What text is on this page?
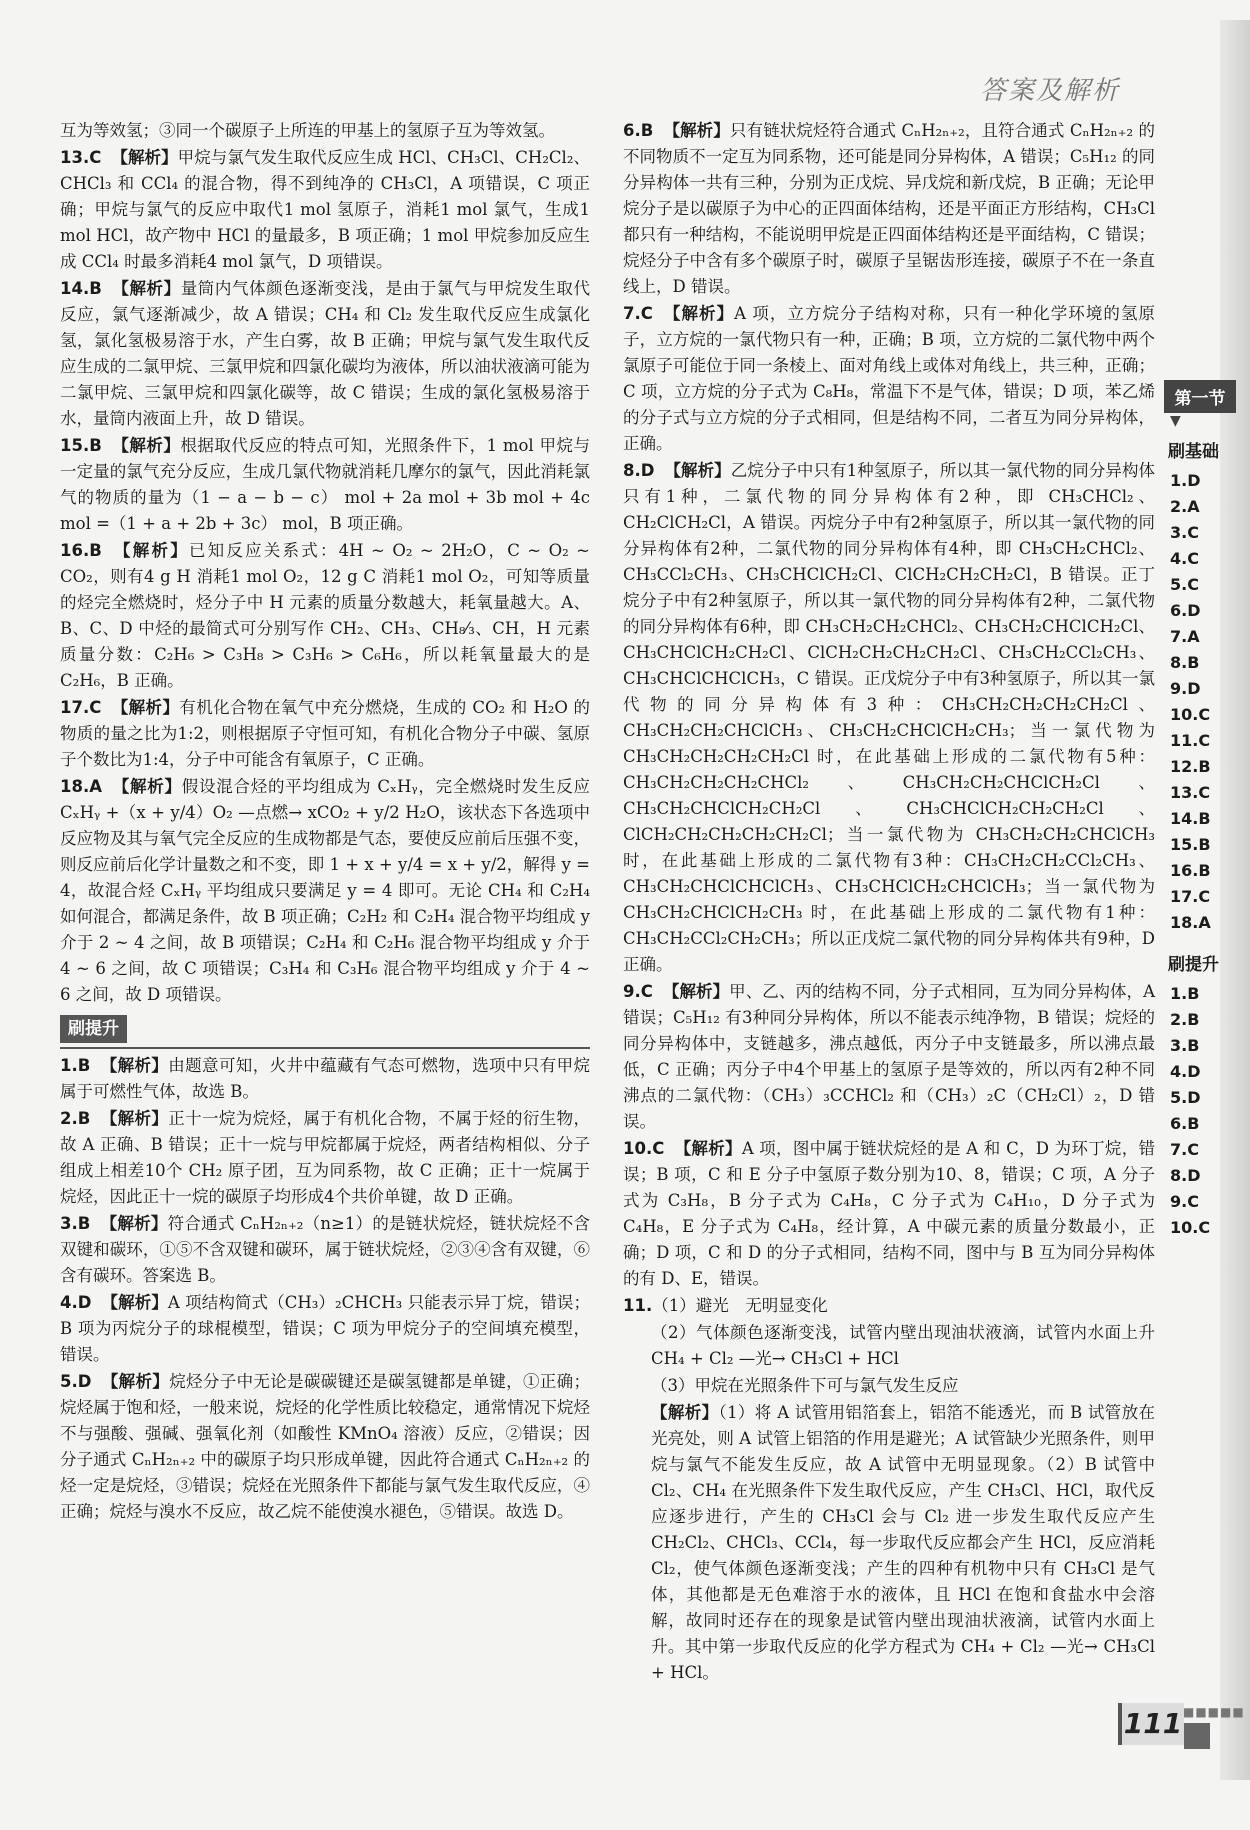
答案及解析
互为等效氢；③同一个碳原子上所连的甲基上的氢原子互为等效氢。
13.C 【解析】甲烷与氯气发生取代反应生成 HCl、CH₃Cl、CH₂Cl₂、CHCl₃ 和 CCl₄ 的混合物，得不到纯净的 CH₃Cl，A 项错误，C 项正确；甲烷与氯气的反应中取代1 mol 氢原子，消耗1 mol 氯气，生成1 mol HCl，故产物中 HCl 的量最多，B 项正确；1 mol 甲烷参加反应生成 CCl₄ 时最多消耗4 mol 氯气，D 项错误。
14.B 【解析】量筒内气体颜色逐渐变浅，是由于氯气与甲烷发生取代反应，氯气逐渐减少，故 A 错误；CH₄ 和 Cl₂ 发生取代反应生成氯化氢，氯化氢极易溶于水，产生白雾，故 B 正确；甲烷与氯气发生取代反应生成的二氯甲烷、三氯甲烷和四氯化碳均为液体，所以油状液滴可能为二氯甲烷、三氯甲烷和四氯化碳等，故 C 错误；生成的氯化氢极易溶于水，量筒内液面上升，故 D 错误。
15.B 【解析】根据取代反应的特点可知，光照条件下，1 mol 甲烷与一定量的氯气充分反应，生成几氯代物就消耗几摩尔的氯气，因此消耗氯气的物质的量为（1 − a − b − c） mol + 2a mol + 3b mol + 4c mol =（1 + a + 2b + 3c） mol，B 项正确。
16.B 【解析】已知反应关系式：4H ~ O₂ ~ 2H₂O，C ~ O₂ ~ CO₂，则有4 g H 消耗1 mol O₂，12 g C 消耗1 mol O₂，可知等质量的烃完全燃烧时，烃分子中 H 元素的质量分数越大，耗氧量越大。A、B、C、D 中烃的最简式可分别写作 CH₂、CH₃、CH₈⁄₃、CH，H 元素质量分数：C₂H₆ > C₃H₈ > C₃H₆ > C₆H₆，所以耗氧量最大的是 C₂H₆，B 正确。
17.C 【解析】有机化合物在氧气中充分燃烧，生成的 CO₂ 和 H₂O 的物质的量之比为1:2，则根据原子守恒可知，有机化合物分子中碳、氢原子个数比为1:4，分子中可能含有氧原子，C 正确。
18.A 【解析】假设混合烃的平均组成为 CₓHᵧ，完全燃烧时发生反应 CₓHᵧ +（x + y/4）O₂ —点燃→ xCO₂ + y/2 H₂O，该状态下各选项中反应物及其与氧气完全反应的生成物都是气态，要使反应前后压强不变，则反应前后化学计量数之和不变，即 1 + x + y/4 = x + y/2，解得 y = 4，故混合烃 CₓHᵧ 平均组成只要满足 y = 4 即可。无论 CH₄ 和 C₂H₄ 如何混合，都满足条件，故 B 项正确；C₂H₂ 和 C₂H₄ 混合物平均组成 y 介于 2 ~ 4 之间，故 B 项错误；C₂H₄ 和 C₂H₆ 混合物平均组成 y 介于 4 ~ 6 之间，故 C 项错误；C₃H₄ 和 C₃H₆ 混合物平均组成 y 介于 4 ~ 6 之间，故 D 项错误。
刷提升
1.B 【解析】由题意可知，火井中蕴藏有气态可燃物，选项中只有甲烷属于可燃性气体，故选 B。
2.B 【解析】正十一烷为烷烃，属于有机化合物，不属于烃的衍生物，故 A 正确、B 错误；正十一烷与甲烷都属于烷烃，两者结构相似、分子组成上相差10个 CH₂ 原子团，互为同系物，故 C 正确；正十一烷属于烷烃，因此正十一烷的碳原子均形成4个共价单键，故 D 正确。
3.B 【解析】符合通式 CₙH₂ₙ₊₂（n≥1）的是链状烷烃，链状烷烃不含双键和碳环，①⑤不含双键和碳环，属于链状烷烃，②③④含有双键，⑥含有碳环。答案选 B。
4.D 【解析】A 项结构简式（CH₃）₂CHCH₃ 只能表示异丁烷，错误；B 项为丙烷分子的球棍模型，错误；C 项为甲烷分子的空间填充模型，错误。
5.D 【解析】烷烃分子中无论是碳碳键还是碳氢键都是单键，①正确；烷烃属于饱和烃，一般来说，烷烃的化学性质比较稳定，通常情况下烷烃不与强酸、强碱、强氧化剂（如酸性 KMnO₄ 溶液）反应，②错误；因分子通式 CₙH₂ₙ₊₂ 中的碳原子均只形成单键，因此符合通式 CₙH₂ₙ₊₂ 的烃一定是烷烃，③错误；烷烃在光照条件下都能与氯气发生取代反应，④正确；烷烃与溴水不反应，故乙烷不能使溴水褪色，⑤错误。故选 D。
6.B 【解析】只有链状烷烃符合通式 CₙH₂ₙ₊₂，且符合通式 CₙH₂ₙ₊₂ 的不同物质不一定互为同系物，还可能是同分异构体，A 错误；C₅H₁₂ 的同分异构体一共有三种，分别为正戊烷、异戊烷和新戊烷，B 正确；无论甲烷分子是以碳原子为中心的正四面体结构，还是平面正方形结构，CH₃Cl 都只有一种结构，不能说明甲烷是正四面体结构还是平面结构，C 错误；烷烃分子中含有多个碳原子时，碳原子呈锯齿形连接，碳原子不在一条直线上，D 错误。
7.C 【解析】A 项，立方烷分子结构对称，只有一种化学环境的氢原子，立方烷的一氯代物只有一种，正确；B 项，立方烷的二氯代物中两个氯原子可能位于同一条棱上、面对角线上或体对角线上，共三种，正确；C 项，立方烷的分子式为 C₈H₈，常温下不是气体，错误；D 项，苯乙烯的分子式与立方烷的分子式相同，但是结构不同，二者互为同分异构体，正确。
8.D 【解析】乙烷分子中只有1种氢原子，所以其一氯代物的同分异构体只有1种，二氯代物的同分异构体有2种，即 CH₃CHCl₂、CH₂ClCH₂Cl，A 错误。丙烷分子中有2种氢原子，所以其一氯代物的同分异构体有2种，二氯代物的同分异构体有4种，即 CH₃CH₂CHCl₂、CH₃CCl₂CH₃、CH₃CHClCH₂Cl、ClCH₂CH₂CH₂Cl，B 错误。正丁烷分子中有2种氢原子，所以其一氯代物的同分异构体有2种，二氯代物的同分异构体有6种，即 CH₃CH₂CH₂CHCl₂、CH₃CH₂CHClCH₂Cl、CH₃CHClCH₂CH₂Cl、ClCH₂CH₂CH₂CH₂Cl、CH₃CH₂CCl₂CH₃、CH₃CHClCHClCH₃，C 错误。正戊烷分子中有3种氢原子，所以其一氯代物的同分异构体有3种：CH₃CH₂CH₂CH₂CH₂Cl、CH₃CH₂CH₂CHClCH₃、CH₃CH₂CHClCH₂CH₃；当一氯代物为 CH₃CH₂CH₂CH₂CH₂Cl 时，在此基础上形成的二氯代物有5种：CH₃CH₂CH₂CH₂CHCl₂、CH₃CH₂CH₂CHClCH₂Cl、CH₃CH₂CHClCH₂CH₂Cl、CH₃CHClCH₂CH₂CH₂Cl、ClCH₂CH₂CH₂CH₂CH₂Cl；当一氯代物为 CH₃CH₂CH₂CHClCH₃ 时，在此基础上形成的二氯代物有3种：CH₃CH₂CH₂CCl₂CH₃、CH₃CH₂CHClCHClCH₃、CH₃CHClCH₂CHClCH₃；当一氯代物为 CH₃CH₂CHClCH₂CH₃ 时，在此基础上形成的二氯代物有1种：CH₃CH₂CCl₂CH₂CH₃；所以正戊烷二氯代物的同分异构体共有9种，D 正确。
9.C 【解析】甲、乙、丙的结构不同，分子式相同，互为同分异构体，A 错误；C₅H₁₂ 有3种同分异构体，所以不能表示纯净物，B 错误；烷烃的同分异构体中，支链越多，沸点越低，丙分子中支链最多，所以沸点最低，C 正确；丙分子中4个甲基上的氢原子是等效的，所以丙有2种不同沸点的二氯代物：（CH₃）₃CCHCl₂ 和（CH₃）₂C（CH₂Cl）₂，D 错误。
10.C 【解析】A 项，图中属于链状烷烃的是 A 和 C，D 为环丁烷，错误；B 项，C 和 E 分子中氢原子数分别为10、8，错误；C 项，A 分子式为 C₃H₈，B 分子式为 C₄H₈，C 分子式为 C₄H₁₀，D 分子式为 C₄H₈，E 分子式为 C₄H₈，经计算，A 中碳元素的质量分数最小，正确；D 项，C 和 D 的分子式相同，结构不同，图中与 B 互为同分异构体的有 D、E，错误。
11.（1）避光　无明显变化
（2）气体颜色逐渐变浅，试管内壁出现油状液滴，试管内水面上升　CH₄ + Cl₂ —光→ CH₃Cl + HCl
（3）甲烷在光照条件下可与氯气发生反应
【解析】（1）将 A 试管用铝箔套上，铝箔不能透光，而 B 试管放在光亮处，则 A 试管上铝箔的作用是避光；A 试管缺少光照条件，则甲烷与氯气不能发生反应，故 A 试管中无明显现象。（2）B 试管中 Cl₂、CH₄ 在光照条件下发生取代反应，产生 CH₃Cl、HCl，取代反应逐步进行，产生的 CH₃Cl 会与 Cl₂ 进一步发生取代反应产生 CH₂Cl₂、CHCl₃、CCl₄，每一步取代反应都会产生 HCl，反应消耗 Cl₂，使气体颜色逐渐变浅；产生的四种有机物中只有 CH₃Cl 是气体，其他都是无色难溶于水的液体，且 HCl 在饱和食盐水中会溶解，故同时还存在的现象是试管内壁出现油状液滴，试管内水面上升。其中第一步取代反应的化学方程式为 CH₄ + Cl₂ —光→ CH₃Cl + HCl。
第一节
▼
刷基础
1.D
2.A
3.C
4.C
5.C
6.D
7.A
8.B
9.D
10.C
11.C
12.B
13.C
14.B
15.B
16.B
17.C
18.A
刷提升
1.B
2.B
3.B
4.D
5.D
6.B
7.C
8.D
9.C
10.C
111 ■■■■■
